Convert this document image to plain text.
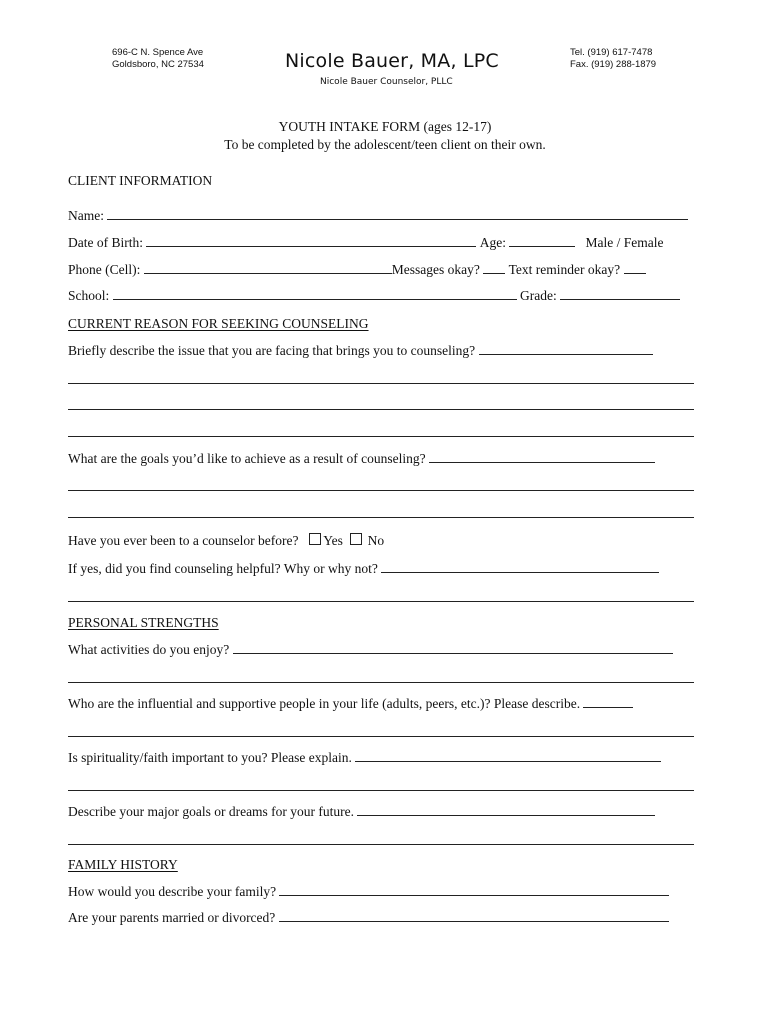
696-C N. Spence Ave
Goldsboro, NC 27534	Nicole Bauer, MA, LPC
Nicole Bauer Counselor, PLLC
Tel. (919) 617-7478
Fax. (919) 288-1879
YOUTH INTAKE FORM (ages 12-17)
To be completed by the adolescent/teen client on their own.
CLIENT INFORMATION
Name:

Date of Birth:

	Age:

	Male / Female
Phone (Cell):
	Messages okay?

Text reminder okay?

School:

	Grade:

CURRENT REASON FOR SEEKING COUNSELING
Briefly describe the issue that you are facing that brings you to counseling?

What are the goals you’d like to achieve as a result of counseling?

Have you ever been to a counselor before?
Yes

No
If yes, did you find counseling helpful? Why or why not?

PERSONAL STRENGTHS
What activities do you enjoy?

Who are the influential and supportive people in your life (adults, peers, etc.)? Please describe.

Is spirituality/faith important to you? Please explain.

Describe your major goals or dreams for your future.

FAMILY HISTORY
How would you describe your family?

Are your parents married or divorced?
